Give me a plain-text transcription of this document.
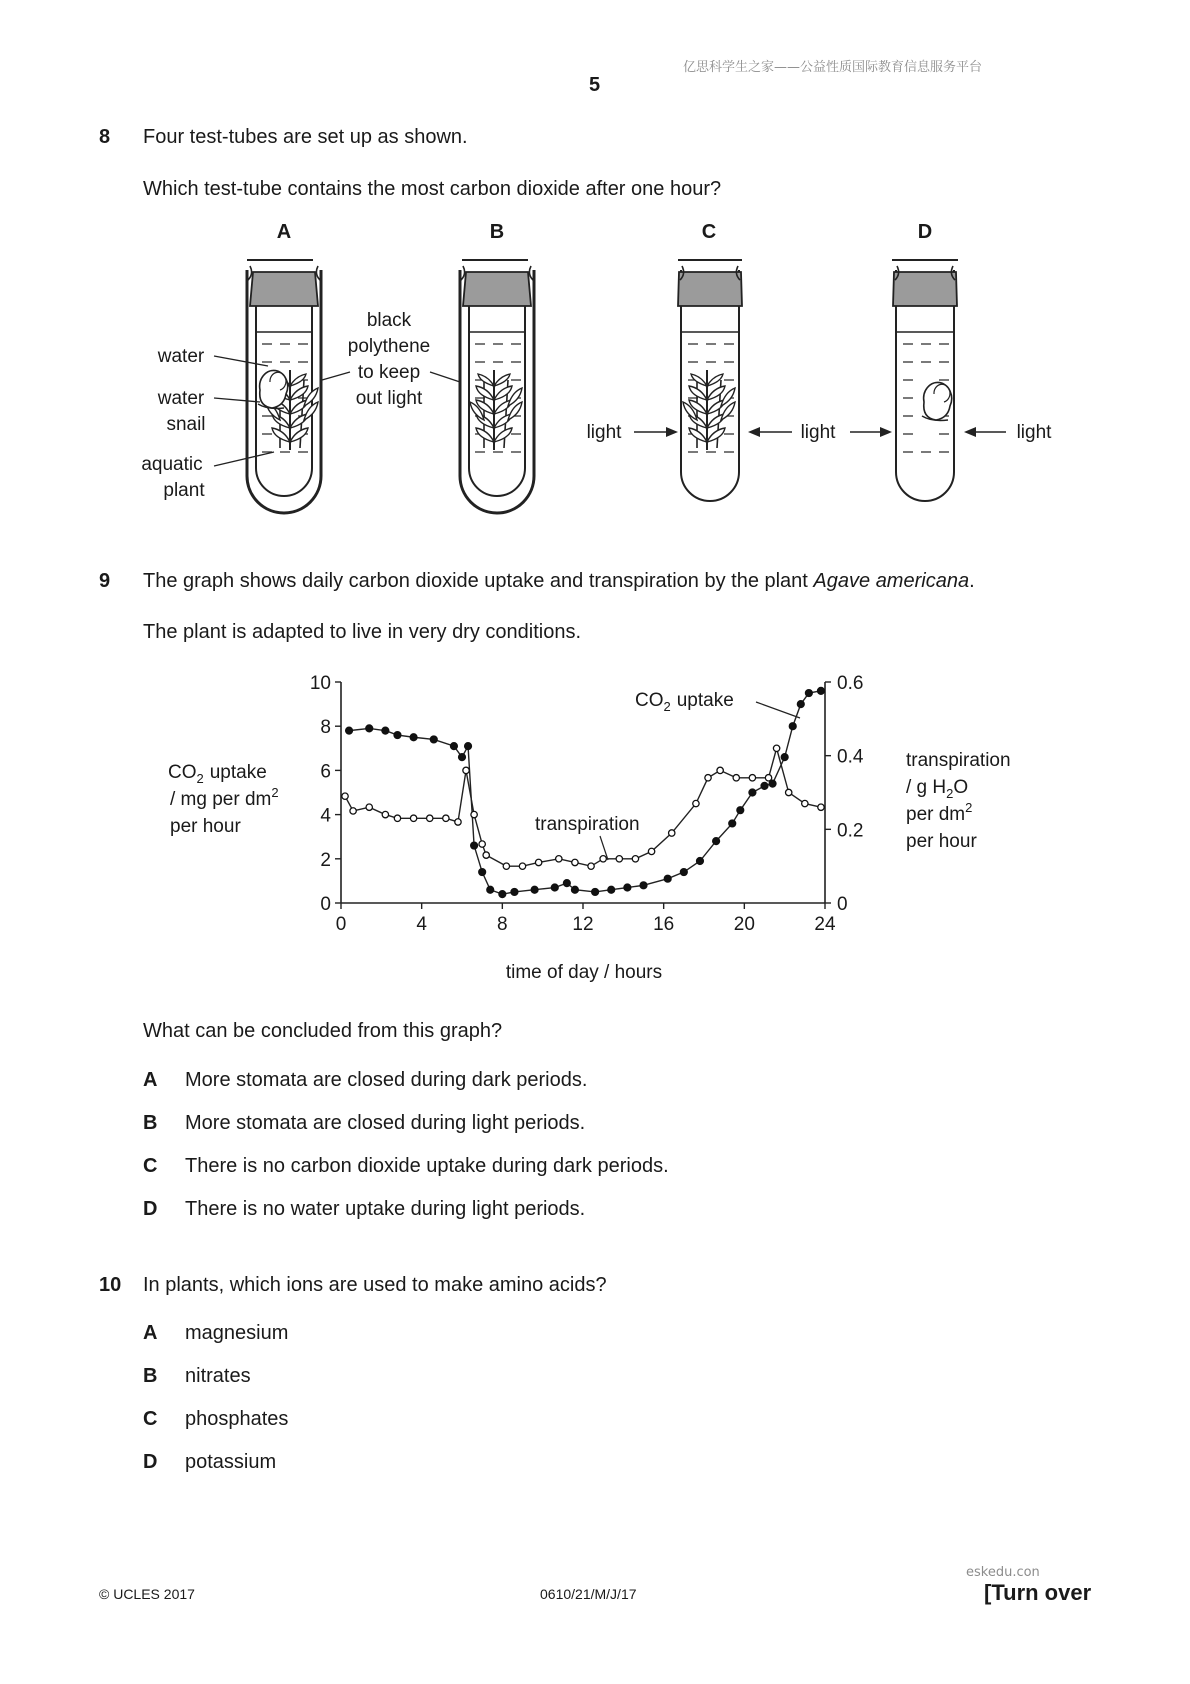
亿思科学生之家——公益性质国际教育信息服务平台
5
8 Four test-tubes are set up as shown.
Which test-tube contains the most carbon dioxide after one hour?
A
water
water
snail
aquatic
plant
black
polythene
to keep
out light
B	C	D
light	light	light
9 The graph shows daily carbon dioxide uptake and transpiration by the plant Agave americana.
The plant is adapted to live in very dry conditions.
0	4	8	12	16	20	24
0
2
4
6
8
10
0
0.2
0.4
0.6
$CO_2$ uptake
/ mg per $dm^2$
per hour
transpiration
/ g $H_2O$
per $dm^2$
per hour
$CO_2$ uptake
transpiration
time of day / hours
What can be concluded from this graph?
A More stomata are closed during dark periods.
B More stomata are closed during light periods.
C There is no carbon dioxide uptake during dark periods.
D There is no water uptake during light periods.
10 In plants, which ions are used to make amino acids?
A magnesium
B nitrates
C phosphates
D potassium
eskedu.con
© UCLES 2017	0610/21/M/J/17	[Turn over
